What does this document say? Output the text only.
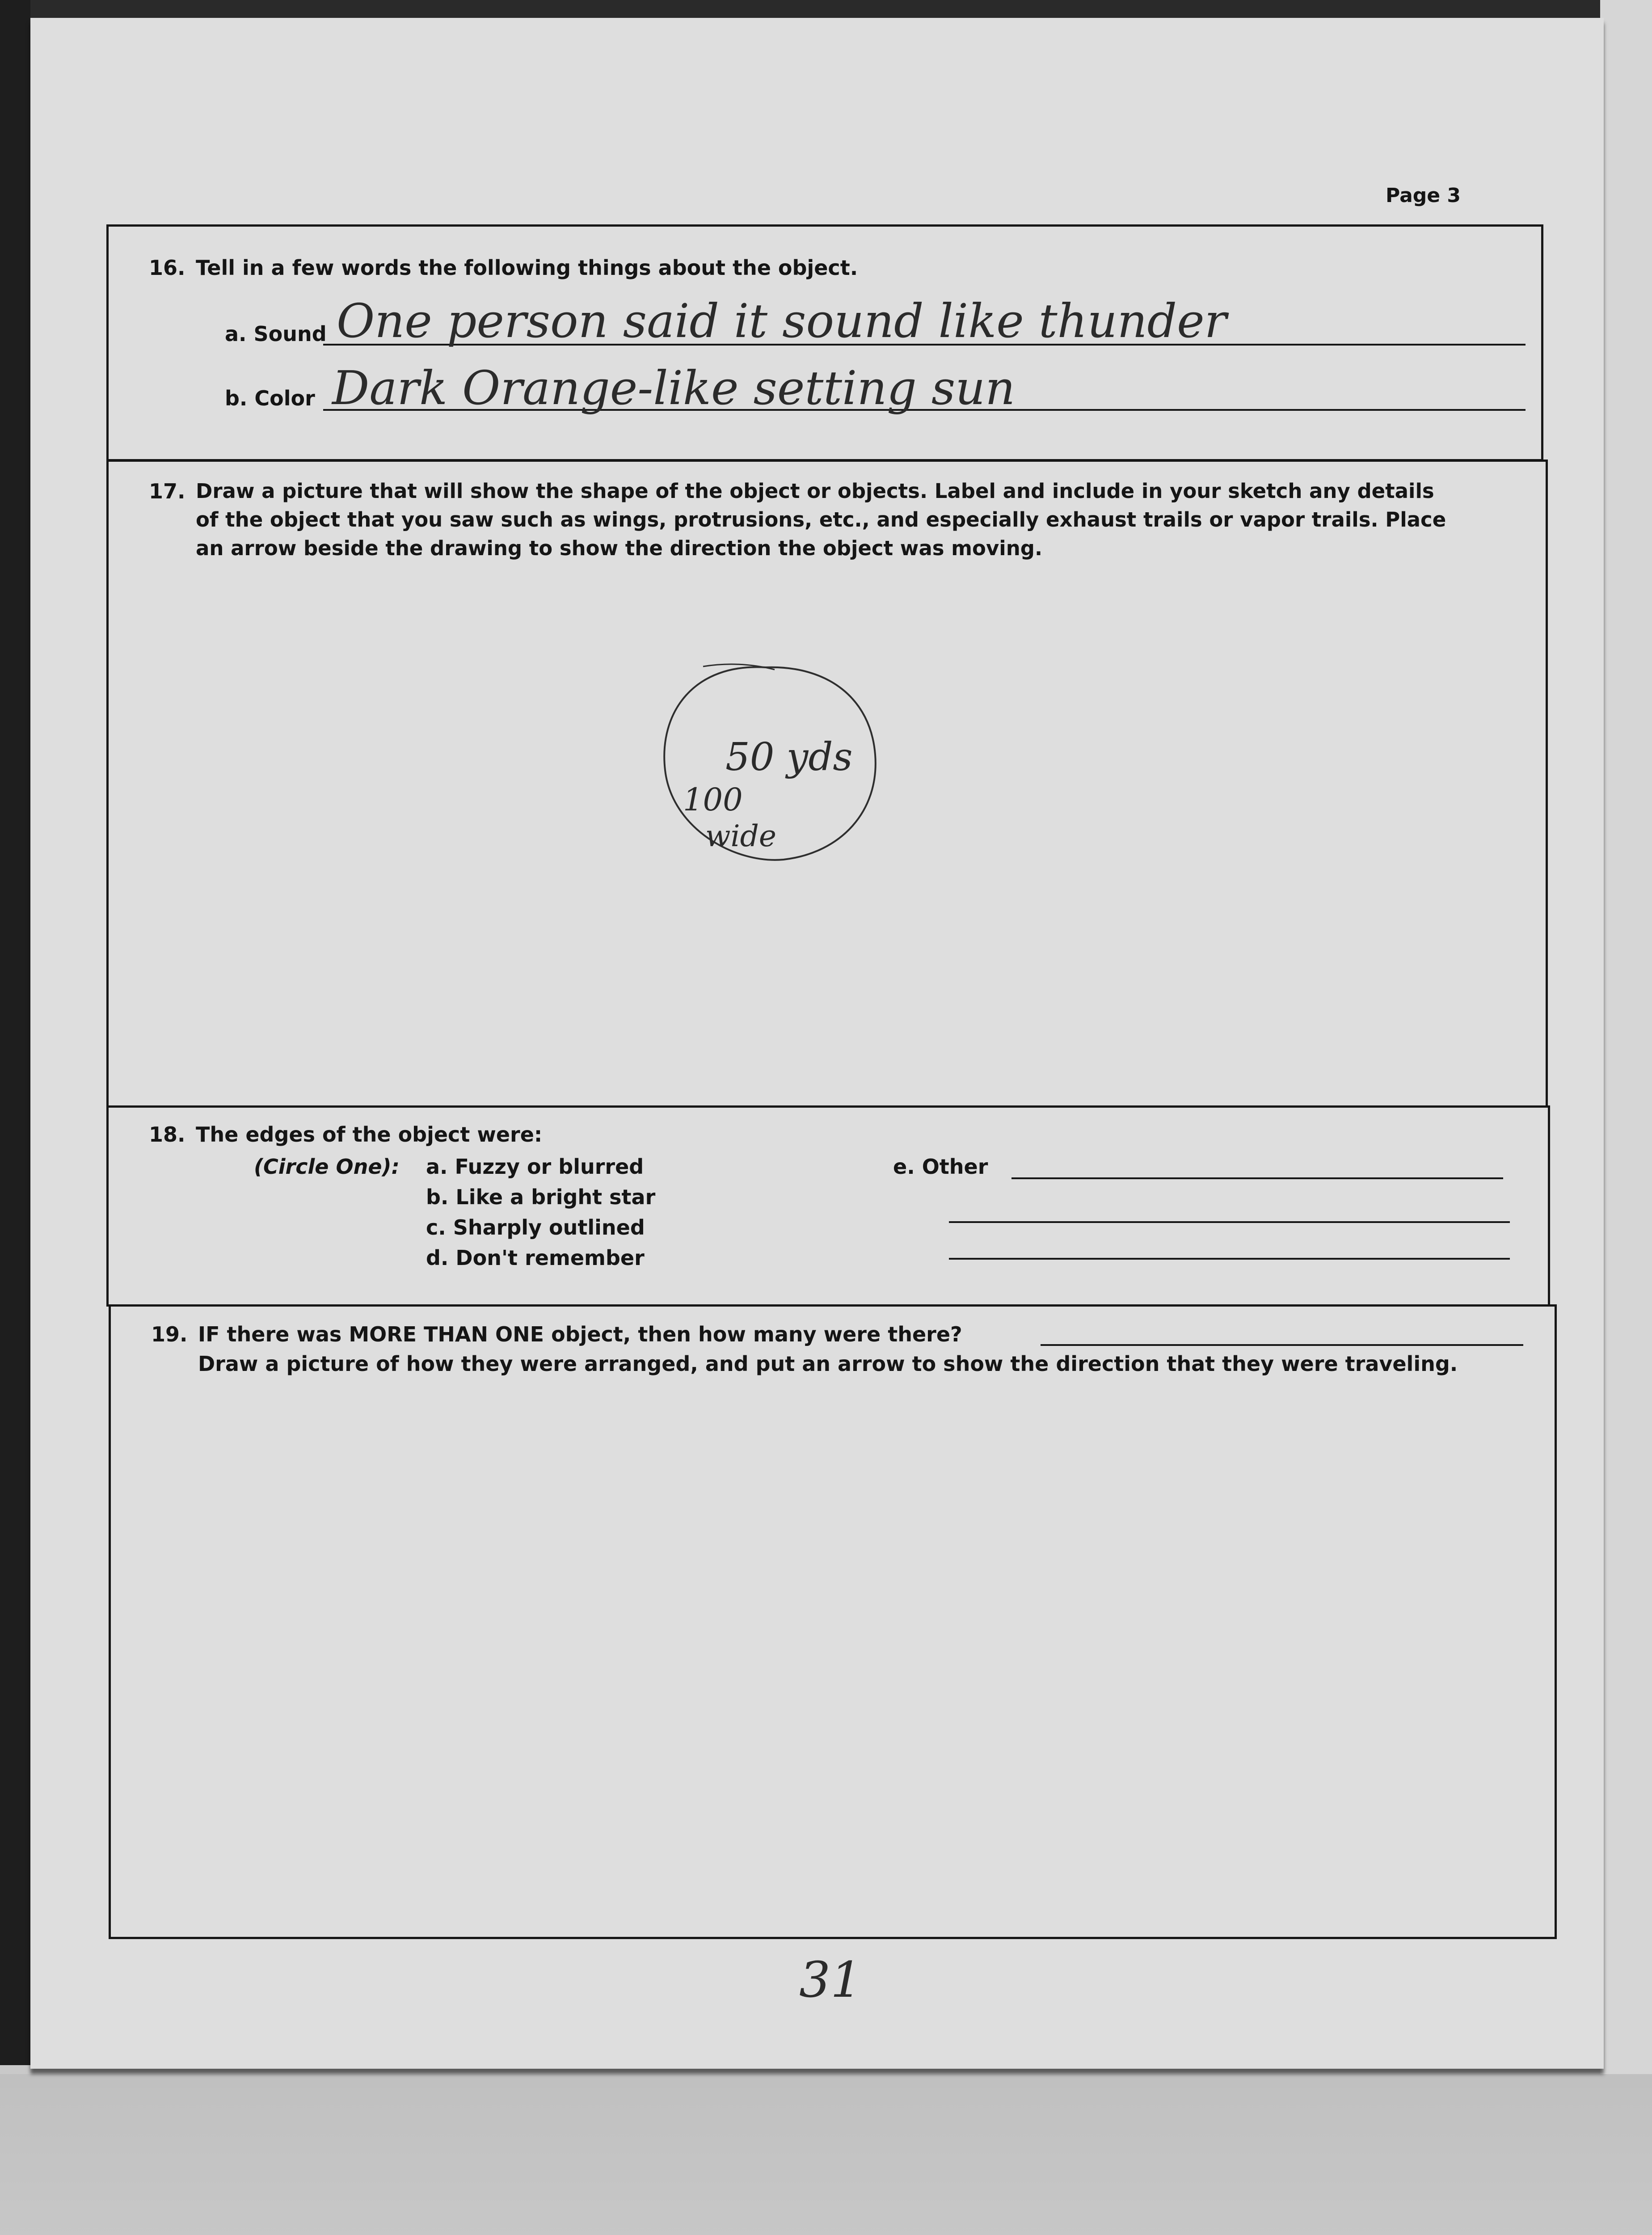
Page 3
16. Tell in a few words the following things about the object.
a. Sound One person said it sound like thunder
b. Color Dark Orange-like setting sun
17. Draw a picture that will show the shape of the object or objects. Label and include in your sketch any details
of the object that you saw such as wings, protrusions, etc., and especially exhaust trails or vapor trails. Place
an arrow beside the drawing to show the direction the object was moving.
50 yds
100
wide
18. The edges of the object were:
(Circle One): a. Fuzzy or blurred
b. Like a bright star
c. Sharply outlined
d. Don't remember
e. Other
19. IF there was MORE THAN ONE object, then how many were there?
Draw a picture of how they were arranged, and put an arrow to show the direction that they were traveling.
31
